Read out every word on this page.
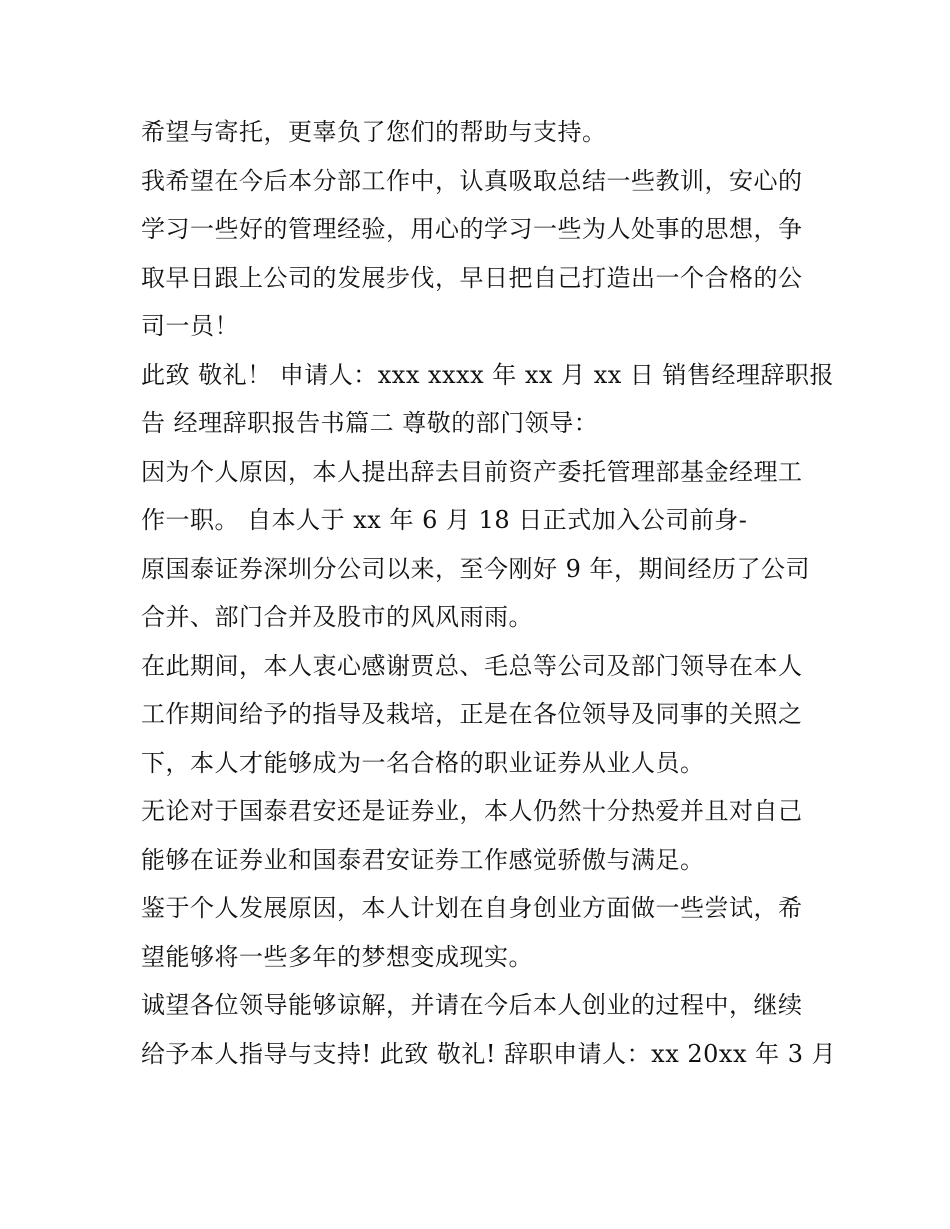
希望与寄托，更辜负了您们的帮助与支持。
我希望在今后本分部工作中，认真吸取总结一些教训，安心的
学习一些好的管理经验，用心的学习一些为人处事的思想，争
取早日跟上公司的发展步伐，早日把自己打造出一个合格的公
司一员！
此致 敬礼！ 申请人：xxx xxxx 年 xx 月 xx 日 销售经理辞职报
告 经理辞职报告书篇二 尊敬的部门领导：
因为个人原因，本人提出辞去目前资产委托管理部基金经理工
作一职。 自本人于 xx 年 6 月 18 日正式加入公司前身-
原国泰证券深圳分公司以来，至今刚好 9 年，期间经历了公司
合并、部门合并及股市的风风雨雨。
在此期间，本人衷心感谢贾总、毛总等公司及部门领导在本人
工作期间给予的指导及栽培，正是在各位领导及同事的关照之
下，本人才能够成为一名合格的职业证券从业人员。
无论对于国泰君安还是证券业，本人仍然十分热爱并且对自己
能够在证券业和国泰君安证券工作感觉骄傲与满足。
鉴于个人发展原因，本人计划在自身创业方面做一些尝试，希
望能够将一些多年的梦想变成现实。
诚望各位领导能够谅解，并请在今后本人创业的过程中，继续
给予本人指导与支持! 此致 敬礼! 辞职申请人：xx 20xx 年 3 月
